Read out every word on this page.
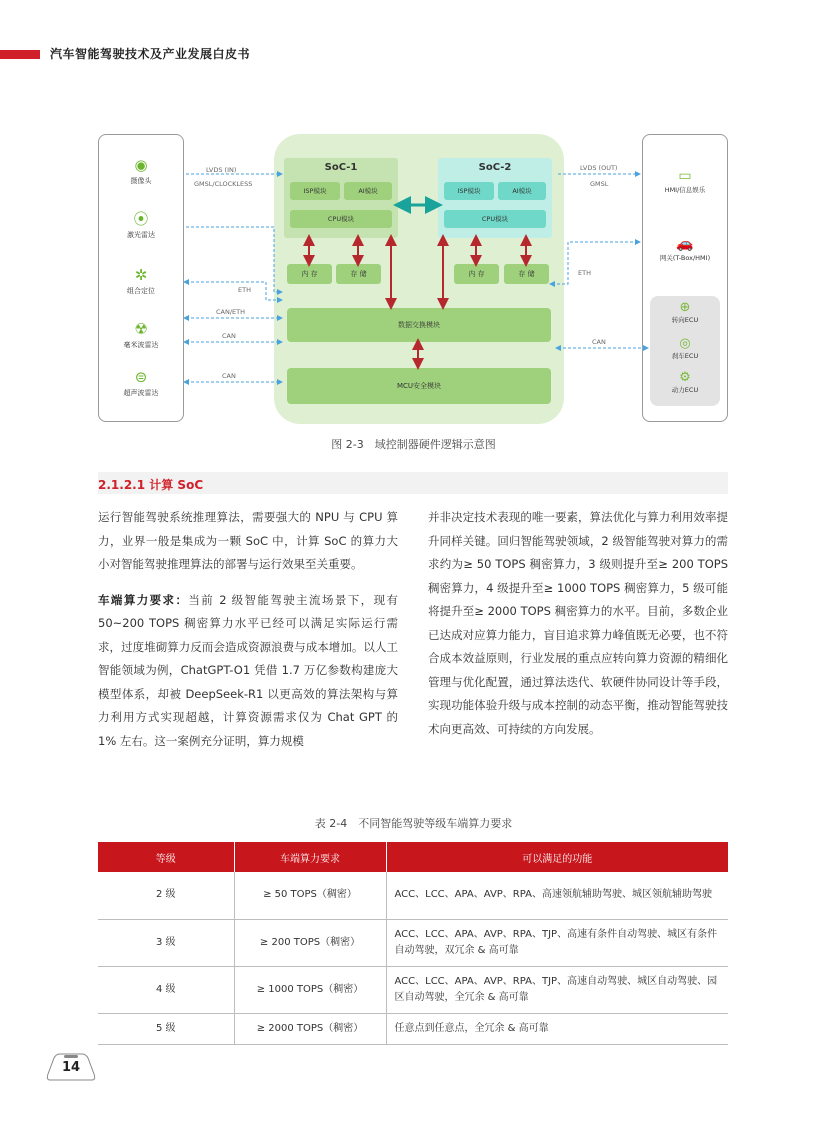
汽车智能驾驶技术及产业发展白皮书
SoC-1
ISP模块	AI模块
CPU模块
SoC-2
ISP模块	AI模块
CPU模块
内 存	存 储	内 存	存 储
数据交换模块
MCU安全模块
LVDS (IN)
GMSL/CLOCKLESS
LVDS (OUT)
GMSL
ETH
CAN/ETH
CAN
CAN
ETH
CAN
◉
摄像头
⦿
激光雷达
✲
组合定位
☢
毫米波雷达
⊜
超声波雷达
▭
HMI/信息娱乐
🚗
网关(T-Box/HMI)
⊕
转向ECU
◎
刹车ECU
⚙
动力ECU
图 2-3　域控制器硬件逻辑示意图
2.1.2.1 计算 SoC

运行智能驾驶系统推理算法，需要强大的 NPU 与 CPU 算力，业界一般是集成为一颗 SoC 中，计算 SoC 的算力大小对智能驾驶推理算法的部署与运行效果至关重要。

车端算力要求：当前 2 级智能驾驶主流场景下，现有 50~200 TOPS 稠密算力水平已经可以满足实际运行需求，过度堆砌算力反而会造成资源浪费与成本增加。以人工智能领域为例，ChatGPT-O1 凭借 1.7 万亿参数构建庞大模型体系，却被 DeepSeek-R1 以更高效的算法架构与算力利用方式实现超越，计算资源需求仅为 Chat GPT 的 1% 左右。这一案例充分证明，算力规模

并非决定技术表现的唯一要素，算法优化与算力利用效率提升同样关键。回归智能驾驶领域，2 级智能驾驶对算力的需求约为≥ 50 TOPS 稠密算力，3 级则提升至≥ 200 TOPS 稠密算力，4 级提升至≥ 1000 TOPS 稠密算力，5 级可能将提升至≥ 2000 TOPS 稠密算力的水平。目前，多数企业已达成对应算力能力，盲目追求算力峰值既无必要，也不符合成本效益原则，行业发展的重点应转向算力资源的精细化管理与优化配置，通过算法迭代、软硬件协同设计等手段，实现功能体验升级与成本控制的动态平衡，推动智能驾驶技术向更高效、可持续的方向发展。

表 2-4　不同智能驾驶等级车端算力要求
等级	车端算力要求	可以满足的功能
2 级	≥ 50 TOPS（稠密）	ACC、LCC、APA、AVP、RPA、高速领航辅助驾驶、城区领航辅助驾驶
3 级	≥ 200 TOPS（稠密）	ACC、LCC、APA、AVP、RPA、TJP、高速有条件自动驾驶、城区有条件自动驾驶，双冗余 & 高可靠
4 级	≥ 1000 TOPS（稠密）	ACC、LCC、APA、AVP、RPA、TJP、高速自动驾驶、城区自动驾驶、园区自动驾驶，全冗余 & 高可靠
5 级	≥ 2000 TOPS（稠密）	任意点到任意点，全冗余 & 高可靠
14
